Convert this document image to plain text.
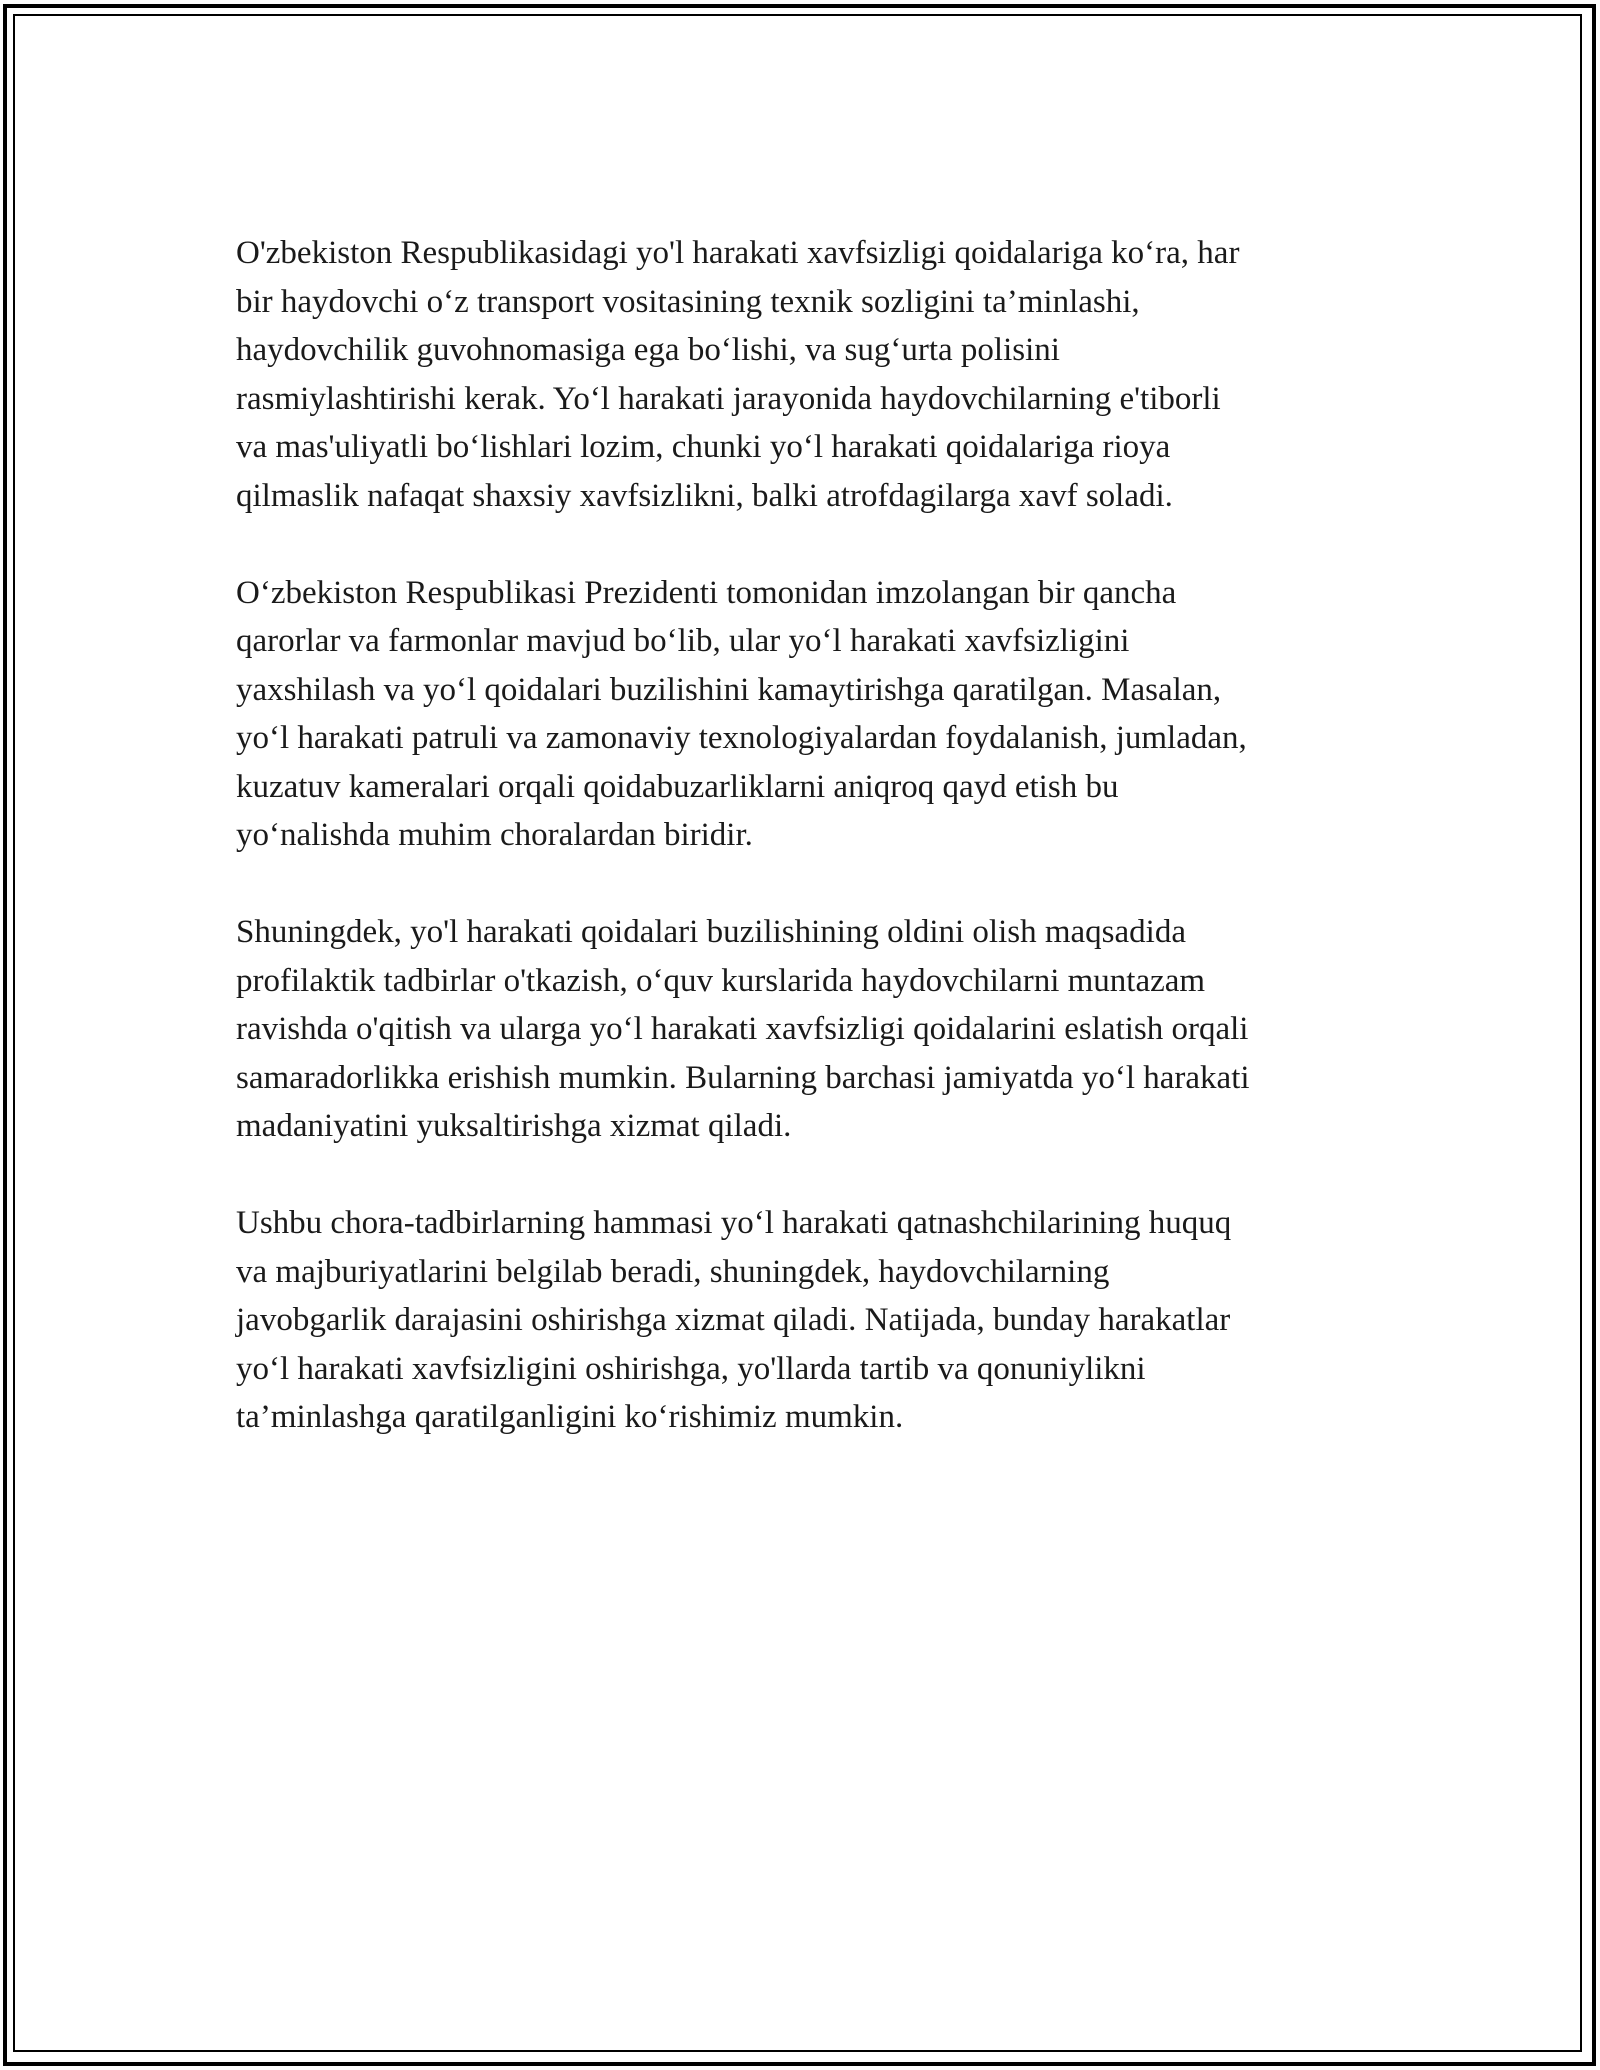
O'zbekiston Respublikasidagi yo'l harakati xavfsizligi qoidalariga ko‘ra, har
bir haydovchi o‘z transport vositasining texnik sozligini ta’minlashi,
haydovchilik guvohnomasiga ega bo‘lishi, va sug‘urta polisini
rasmiylashtirishi kerak. Yo‘l harakati jarayonida haydovchilarning e'tiborli
va mas'uliyatli bo‘lishlari lozim, chunki yo‘l harakati qoidalariga rioya
qilmaslik nafaqat shaxsiy xavfsizlikni, balki atrofdagilarga xavf soladi.

O‘zbekiston Respublikasi Prezidenti tomonidan imzolangan bir qancha
qarorlar va farmonlar mavjud bo‘lib, ular yo‘l harakati xavfsizligini
yaxshilash va yo‘l qoidalari buzilishini kamaytirishga qaratilgan. Masalan,
yo‘l harakati patruli va zamonaviy texnologiyalardan foydalanish, jumladan,
kuzatuv kameralari orqali qoidabuzarliklarni aniqroq qayd etish bu
yo‘nalishda muhim choralardan biridir.

Shuningdek, yo'l harakati qoidalari buzilishining oldini olish maqsadida
profilaktik tadbirlar o'tkazish, o‘quv kurslarida haydovchilarni muntazam
ravishda o'qitish va ularga yo‘l harakati xavfsizligi qoidalarini eslatish orqali
samaradorlikka erishish mumkin. Bularning barchasi jamiyatda yo‘l harakati
madaniyatini yuksaltirishga xizmat qiladi.

Ushbu chora-tadbirlarning hammasi yo‘l harakati qatnashchilarining huquq
va majburiyatlarini belgilab beradi, shuningdek, haydovchilarning
javobgarlik darajasini oshirishga xizmat qiladi. Natijada, bunday harakatlar
yo‘l harakati xavfsizligini oshirishga, yo'llarda tartib va qonuniylikni
ta’minlashga qaratilganligini ko‘rishimiz mumkin.
